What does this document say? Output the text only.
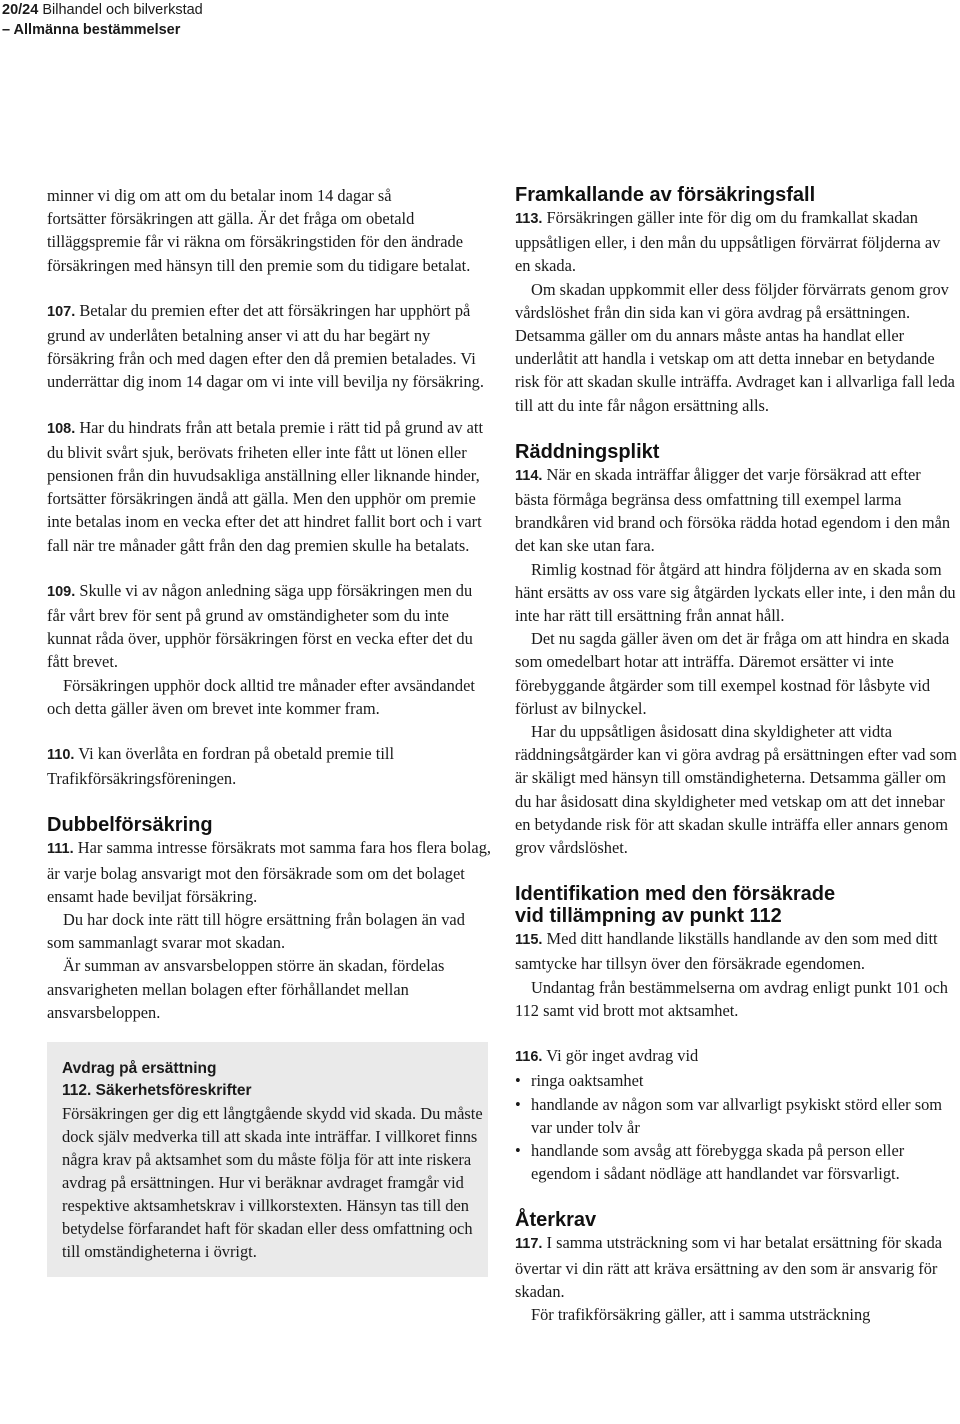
20/24 Bilhandel och bilverkstad
– Allmänna bestämmelser

minner vi dig om att om du betalar inom 14 dagar så

fortsätter försäkringen att gälla. Är det fråga om obetald tilläggspremie får vi räkna om försäkringstiden för den ändrade försäkringen med hänsyn till den premie som du tidigare betalat.

107. Betalar du premien efter det att försäkringen har upphört på grund av underlåten betalning anser vi att du har begärt ny försäkring från och med dagen efter den då premien betalades. Vi underrättar dig inom 14 dagar om vi inte vill bevilja ny försäkring.

108. Har du hindrats från att betala premie i rätt tid på grund av att du blivit svårt sjuk, berövats friheten eller inte fått ut lönen eller pensionen från din huvudsakliga anställning eller liknande hinder, fortsätter försäkringen ändå att gälla. Men den upphör om premie inte betalas inom en vecka efter det att hindret fallit bort och i vart fall när tre månader gått från den dag premien skulle ha betalats.

109. Skulle vi av någon anledning säga upp försäkringen men du får vårt brev för sent på grund av omständigheter som du inte kunnat råda över, upphör försäkringen först en vecka efter det du fått brevet.

Försäkringen upphör dock alltid tre månader efter avsändandet och detta gäller även om brevet inte kommer fram.

110. Vi kan överlåta en fordran på obetald premie till Trafikförsäkringsföreningen.

Dubbelförsäkring

111. Har samma intresse försäkrats mot samma fara hos flera bolag, är varje bolag ansvarigt mot den försäkrade som om det bolaget ensamt hade beviljat försäkring.

Du har dock inte rätt till högre ersättning från bolagen än vad som sammanlagt svarar mot skadan.

Är summan av ansvarsbeloppen större än skadan, fördelas ansvarigheten mellan bolagen efter förhållandet mellan ansvarsbeloppen.

Avdrag på ersättning
112. Säkerhetsföreskrifter

Försäkringen ger dig ett långtgående skydd vid skada. Du måste dock själv medverka till att skada inte inträffar. I villkoret finns några krav på aktsamhet som du måste följa för att inte riskera avdrag på ersättningen. Hur vi beräknar avdraget framgår vid respektive aktsamhetskrav i villkorstexten. Hänsyn tas till den betydelse förfarandet haft för skadan eller dess omfattning och till omständigheterna i övrigt.

Framkallande av försäkringsfall

113. Försäkringen gäller inte för dig om du framkallat skadan uppsåtligen eller, i den mån du uppsåtligen förvärrat följderna av en skada.

Om skadan uppkommit eller dess följder förvärrats genom grov vårdslöshet från din sida kan vi göra avdrag på ersättningen. Detsamma gäller om du annars måste antas ha handlat eller underlåtit att handla i vetskap om att detta innebar en betydande risk för att skadan skulle inträffa. Avdraget kan i allvarliga fall leda till att du inte får någon ersättning alls.

Räddningsplikt

114. När en skada inträffar åligger det varje försäkrad att efter bästa förmåga begränsa dess omfattning till exempel larma brandkåren vid brand och försöka rädda hotad egendom i den mån det kan ske utan fara.

Rimlig kostnad för åtgärd att hindra följderna av en skada som hänt ersätts av oss vare sig åtgärden lyckats eller inte, i den mån du inte har rätt till ersättning från annat håll.

Det nu sagda gäller även om det är fråga om att hindra en skada som omedelbart hotar att inträffa. Däremot ersätter vi inte förebyggande åtgärder som till exempel kostnad för låsbyte vid förlust av bilnyckel.

Har du uppsåtligen åsidosatt dina skyldigheter att vidta räddningsåtgärder kan vi göra avdrag på ersättningen efter vad som är skäligt med hänsyn till omständigheterna. Detsamma gäller om du har åsidosatt dina skyldigheter med vetskap om att det innebar en betydande risk för att skadan skulle inträffa eller annars genom grov vårdslöshet.

Identifikation med den försäkrade
vid tillämpning av punkt 112

115. Med ditt handlande likställs handlande av den som med ditt samtycke har tillsyn över den försäkrade egendomen.

Undantag från bestämmelserna om avdrag enligt punkt 101 och 112 samt vid brott mot aktsamhet.

116. Vi gör inget avdrag vid

• ringa oaktsamhet
• handlande av någon som var allvarligt psykiskt störd eller som var under tolv år
• handlande som avsåg att förebygga skada på person eller egendom i sådant nödläge att handlandet var försvarligt.
Återkrav

117. I samma utsträckning som vi har betalat ersättning för skada övertar vi din rätt att kräva ersättning av den som är ansvarig för skadan.

För trafikförsäkring gäller, att i samma utsträckning
